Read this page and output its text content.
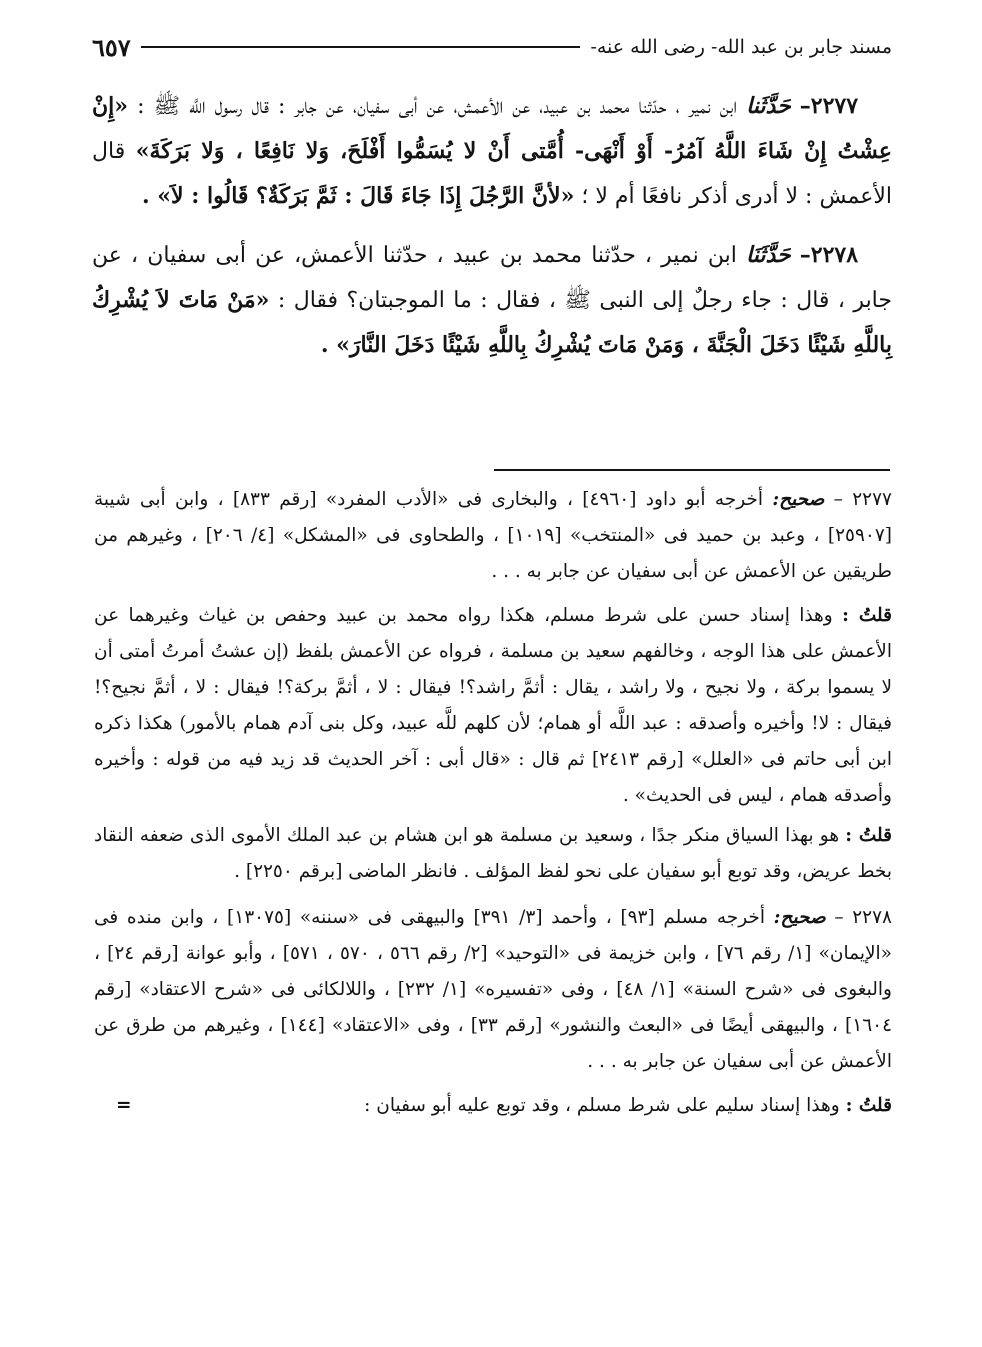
مسند جابر بن عبد الله- رضى الله عنه-
٦٥٧

٢٢٧٧– حَدَّثَنا ابن نمير ، حدّثنا محمد بن عبيد، عن الأعمش، عن أبى سفيان، عن جابر : قال رسول اللَّه ﷺ : «إِنْ عِشْتُ إِنْ شَاءَ اللَّهُ آمُرُ- أَوْ أَنْهَى- أُمَّتى أَنْ لا يُسَمُّوا أَفْلَحَ، وَلا نَافِعًا ، وَلا بَرَكَةَ» قال الأعمش : لا أدرى أذكر نافعًا أم لا ؛ «لأنَّ الرَّجُلَ إِذَا جَاءَ قَالَ : ثَمَّ بَرَكَةٌ؟ قَالُوا : لاَ» .

٢٢٧٨– حَدَّثَنَا ابن نمير ، حدّثنا محمد بن عبيد ، حدّثنا الأعمش، عن أبى سفيان ، عن جابر ، قال : جاء رجلٌ إلى النبى ﷺ ، فقال : ما الموجبتان؟ فقال : «مَنْ مَاتَ لاَ يُشْرِكُ بِاللَّهِ شَيْئًا دَخَلَ الْجَنَّةَ ، وَمَنْ مَاتَ يُشْرِكُ بِاللَّهِ شَيْئًا دَخَلَ النَّارَ» .

٢٢٧٧ – صحيح: أخرجه أبو داود [٤٩٦٠] ، والبخارى فى «الأدب المفرد» [رقم ٨٣٣] ، وابن أبى شيبة [٢٥٩٠٧] ، وعبد بن حميد فى «المنتخب» [١٠١٩] ، والطحاوى فى «المشكل» [٤/ ٢٠٦] ، وغيرهم من طريقين عن الأعمش عن أبى سفيان عن جابر به . . .

قلتُ : وهذا إسناد حسن على شرط مسلم، هكذا رواه محمد بن عبيد وحفص بن غياث وغيرهما عن الأعمش على هذا الوجه ، وخالفهم سعيد بن مسلمة ، فرواه عن الأعمش بلفظ (إن عشتُ أمرتُ أمتى أن لا يسموا بركة ، ولا نجيح ، ولا راشد ، يقال : أثمَّ راشد؟! فيقال : لا ، أثمَّ بركة؟! فيقال : لا ، أثمَّ نجيح؟! فيقال : لا! وأخيره وأصدقه : عبد اللَّه أو همام؛ لأن كلهم للَّه عبيد، وكل بنى آدم همام بالأمور) هكذا ذكره ابن أبى حاتم فى «العلل» [رقم ٢٤١٣] ثم قال : «قال أبى : آخر الحديث قد زيد فيه من قوله : وأخيره وأصدقه همام ، ليس فى الحديث» .

قلتُ : هو بهذا السياق منكر جدًا ، وسعيد بن مسلمة هو ابن هشام بن عبد الملك الأموى الذى ضعفه النقاد بخط عريض، وقد توبع أبو سفيان على نحو لفظ المؤلف . فانظر الماضى [برقم ٢٢٥٠] .

٢٢٧٨ – صحيح: أخرجه مسلم [٩٣] ، وأحمد [٣/ ٣٩١] والبيهقى فى «سننه» [١٣٠٧٥] ، وابن منده فى «الإيمان» [١/ رقم ٧٦] ، وابن خزيمة فى «التوحيد» [٢/ رقم ٥٦٦ ، ٥٧٠ ، ٥٧١] ، وأبو عوانة [رقم ٢٤] ، والبغوى فى «شرح السنة» [١/ ٤٨] ، وفى «تفسيره» [١/ ٢٣٢] ، واللالكائى فى «شرح الاعتقاد» [رقم ١٦٠٤] ، والبيهقى أيضًا فى «البعث والنشور» [رقم ٣٣] ، وفى «الاعتقاد» [١٤٤] ، وغيرهم من طرق عن الأعمش عن أبى سفيان عن جابر به . . .

قلتُ : وهذا إسناد سليم على شرط مسلم ، وقد توبع عليه أبو سفيان :
=
